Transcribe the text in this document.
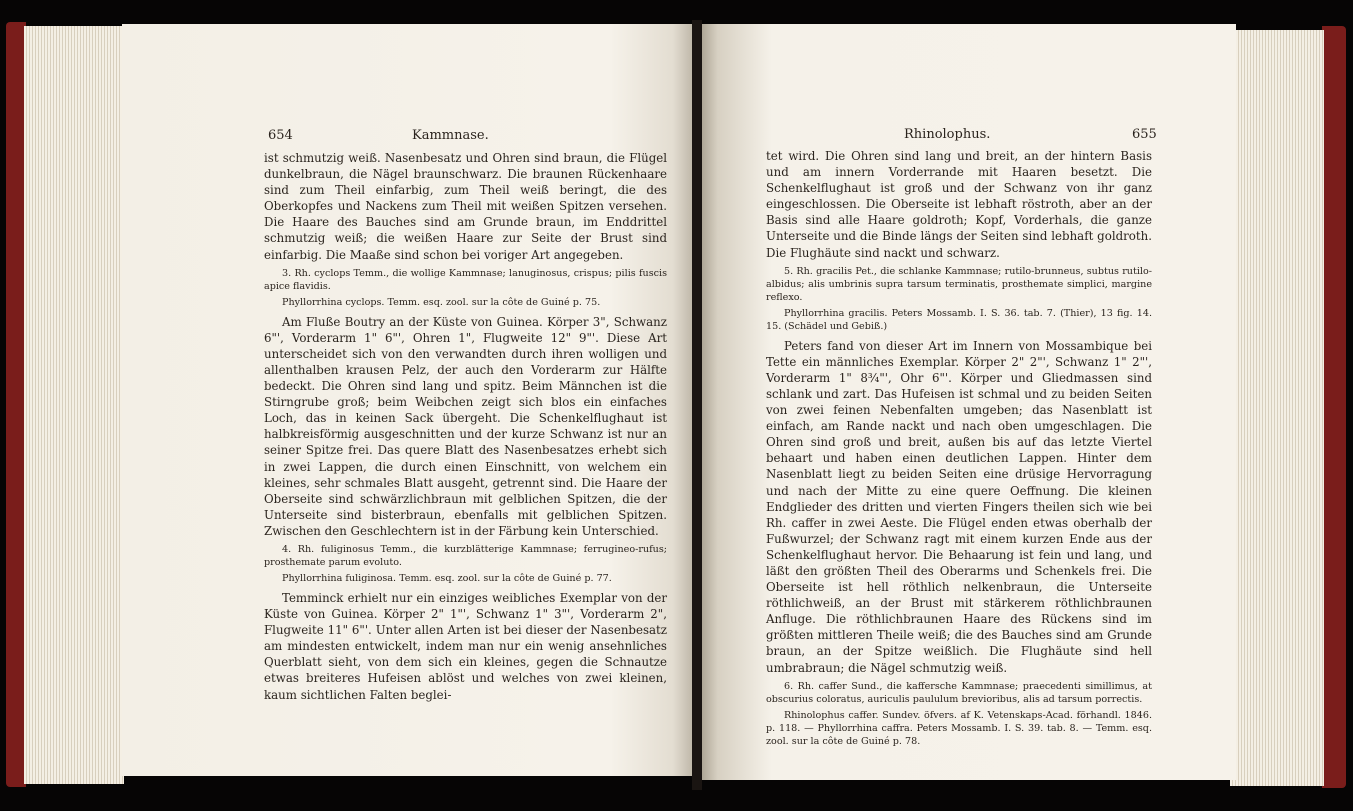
654	Kammnase.	Rhinolophus.	655

ist schmutzig weiß. Nasenbesatz und Ohren sind braun, die Flügel dunkelbraun, die Nägel braunschwarz. Die braunen Rückenhaare sind zum Theil einfarbig, zum Theil weiß beringt, die des Oberkopfes und Nackens zum Theil mit weißen Spitzen versehen. Die Haare des Bauches sind am Grunde braun, im Enddrittel schmutzig weiß; die weißen Haare zur Seite der Brust sind einfarbig. Die Maaße sind schon bei voriger Art angegeben.

3. Rh. cyclops Temm., die wollige Kammnase; lanuginosus, crispus; pilis fuscis apice flavidis.

Phyllorrhina cyclops. Temm. esq. zool. sur la côte de Guiné p. 75.

Am Fluße Boutry an der Küste von Guinea. Körper 3", Schwanz 6"', Vorderarm 1" 6"', Ohren 1", Flugweite 12" 9"'. Diese Art unterscheidet sich von den verwandten durch ihren wolligen und allenthalben krausen Pelz, der auch den Vorderarm zur Hälfte bedeckt. Die Ohren sind lang und spitz. Beim Männchen ist die Stirngrube groß; beim Weibchen zeigt sich blos ein einfaches Loch, das in keinen Sack übergeht. Die Schenkelflughaut ist halbkreisförmig ausgeschnitten und der kurze Schwanz ist nur an seiner Spitze frei. Das quere Blatt des Nasenbesatzes erhebt sich in zwei Lappen, die durch einen Einschnitt, von welchem ein kleines, sehr schmales Blatt ausgeht, getrennt sind. Die Haare der Oberseite sind schwärzlichbraun mit gelblichen Spitzen, die der Unterseite sind bisterbraun, ebenfalls mit gelblichen Spitzen. Zwischen den Geschlechtern ist in der Färbung kein Unterschied.

4. Rh. fuliginosus Temm., die kurzblätterige Kammnase; ferrugineo-rufus; prosthemate parum evoluto.

Phyllorrhina fuliginosa. Temm. esq. zool. sur la côte de Guiné p. 77.

Temminck erhielt nur ein einziges weibliches Exemplar von der Küste von Guinea. Körper 2" 1"', Schwanz 1" 3"', Vorderarm 2", Flugweite 11" 6"'. Unter allen Arten ist bei dieser der Nasenbesatz am mindesten entwickelt, indem man nur ein wenig ansehnliches Querblatt sieht, von dem sich ein kleines, gegen die Schnautze etwas breiteres Hufeisen ablöst und welches von zwei kleinen, kaum sichtlichen Falten beglei-

tet wird. Die Ohren sind lang und breit, an der hintern Basis und am innern Vorderrande mit Haaren besetzt. Die Schenkelflughaut ist groß und der Schwanz von ihr ganz eingeschlossen. Die Oberseite ist lebhaft röstroth, aber an der Basis sind alle Haare goldroth; Kopf, Vorderhals, die ganze Unterseite und die Binde längs der Seiten sind lebhaft goldroth. Die Flughäute sind nackt und schwarz.

5. Rh. gracilis Pet., die schlanke Kammnase; rutilo-brunneus, subtus rutilo-albidus; alis umbrinis supra tarsum terminatis, prosthemate simplici, margine reflexo.

Phyllorrhina gracilis. Peters Mossamb. I. S. 36. tab. 7. (Thier), 13 fig. 14. 15. (Schädel und Gebiß.)

Peters fand von dieser Art im Innern von Mossambique bei Tette ein männliches Exemplar. Körper 2" 2"', Schwanz 1" 2"', Vorderarm 1" 8¾"', Ohr 6"'. Körper und Gliedmassen sind schlank und zart. Das Hufeisen ist schmal und zu beiden Seiten von zwei feinen Nebenfalten umgeben; das Nasenblatt ist einfach, am Rande nackt und nach oben umgeschlagen. Die Ohren sind groß und breit, außen bis auf das letzte Viertel behaart und haben einen deutlichen Lappen. Hinter dem Nasenblatt liegt zu beiden Seiten eine drüsige Hervorragung und nach der Mitte zu eine quere Oeffnung. Die kleinen Endglieder des dritten und vierten Fingers theilen sich wie bei Rh. caffer in zwei Aeste. Die Flügel enden etwas oberhalb der Fußwurzel; der Schwanz ragt mit einem kurzen Ende aus der Schenkelflughaut hervor. Die Behaarung ist fein und lang, und läßt den größten Theil des Oberarms und Schenkels frei. Die Oberseite ist hell röthlich nelkenbraun, die Unterseite röthlichweiß, an der Brust mit stärkerem röthlichbraunen Anfluge. Die röthlichbraunen Haare des Rückens sind im größten mittleren Theile weiß; die des Bauches sind am Grunde braun, an der Spitze weißlich. Die Flughäute sind hell umbrabraun; die Nägel schmutzig weiß.

6. Rh. caffer Sund., die kaffersche Kammnase; praecedenti simillimus, at obscurius coloratus, auriculis paululum brevioribus, alis ad tarsum porrectis.

Rhinolophus caffer. Sundev. öfvers. af K. Vetenskaps-Acad. förhandl. 1846. p. 118. — Phyllorrhina caffra. Peters Mossamb. I. S. 39. tab. 8. — Temm. esq. zool. sur la côte de Guiné p. 78.
